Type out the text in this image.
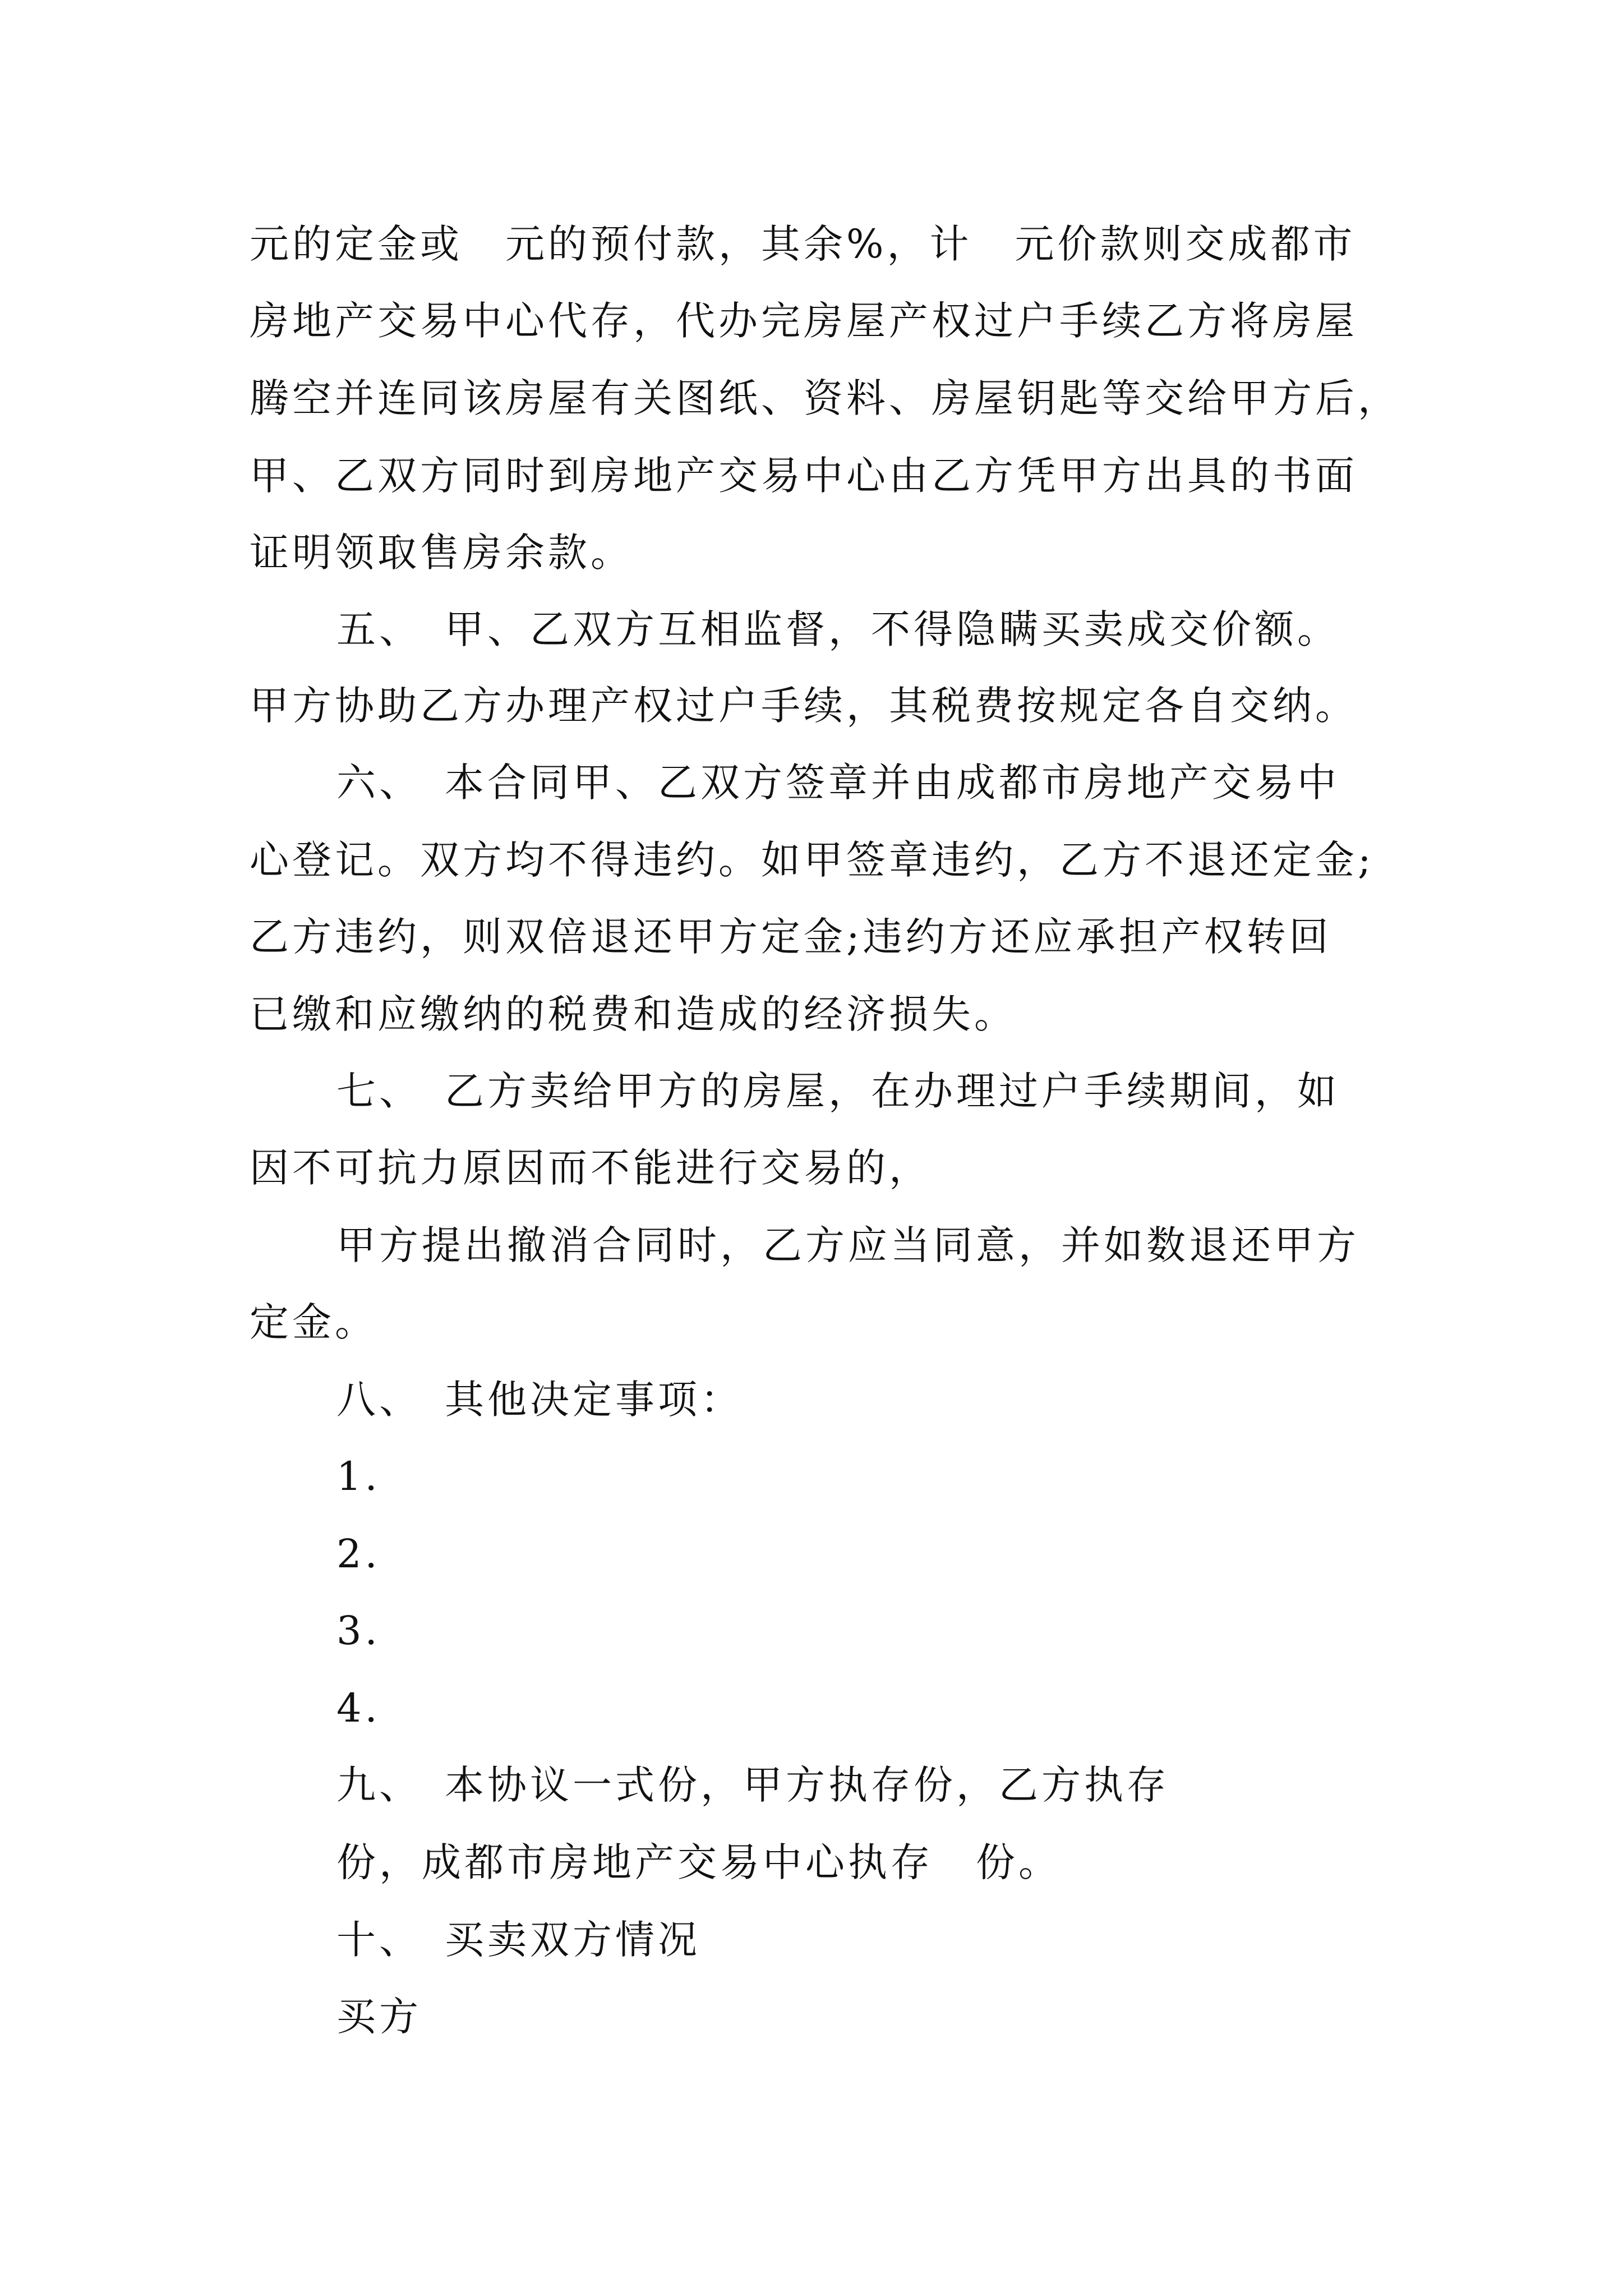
元的定金或　元的预付款，其余%，计　元价款则交成都市
房地产交易中心代存，代办完房屋产权过户手续乙方将房屋
腾空并连同该房屋有关图纸、资料、房屋钥匙等交给甲方后，
甲、乙双方同时到房地产交易中心由乙方凭甲方出具的书面
证明领取售房余款。
五、　甲、乙双方互相监督，不得隐瞒买卖成交价额。
甲方协助乙方办理产权过户手续，其税费按规定各自交纳。
六、　本合同甲、乙双方签章并由成都市房地产交易中
心登记。双方均不得违约。如甲签章违约，乙方不退还定金;
乙方违约，则双倍退还甲方定金;违约方还应承担产权转回
已缴和应缴纳的税费和造成的经济损失。
七、　乙方卖给甲方的房屋，在办理过户手续期间，如
因不可抗力原因而不能进行交易的，
甲方提出撤消合同时，乙方应当同意，并如数退还甲方
定金。
八、　其他决定事项：
1.
2.
3.
4.
九、　本协议一式份，甲方执存份，乙方执存
份，成都市房地产交易中心执存　份。
十、　买卖双方情况
买方
